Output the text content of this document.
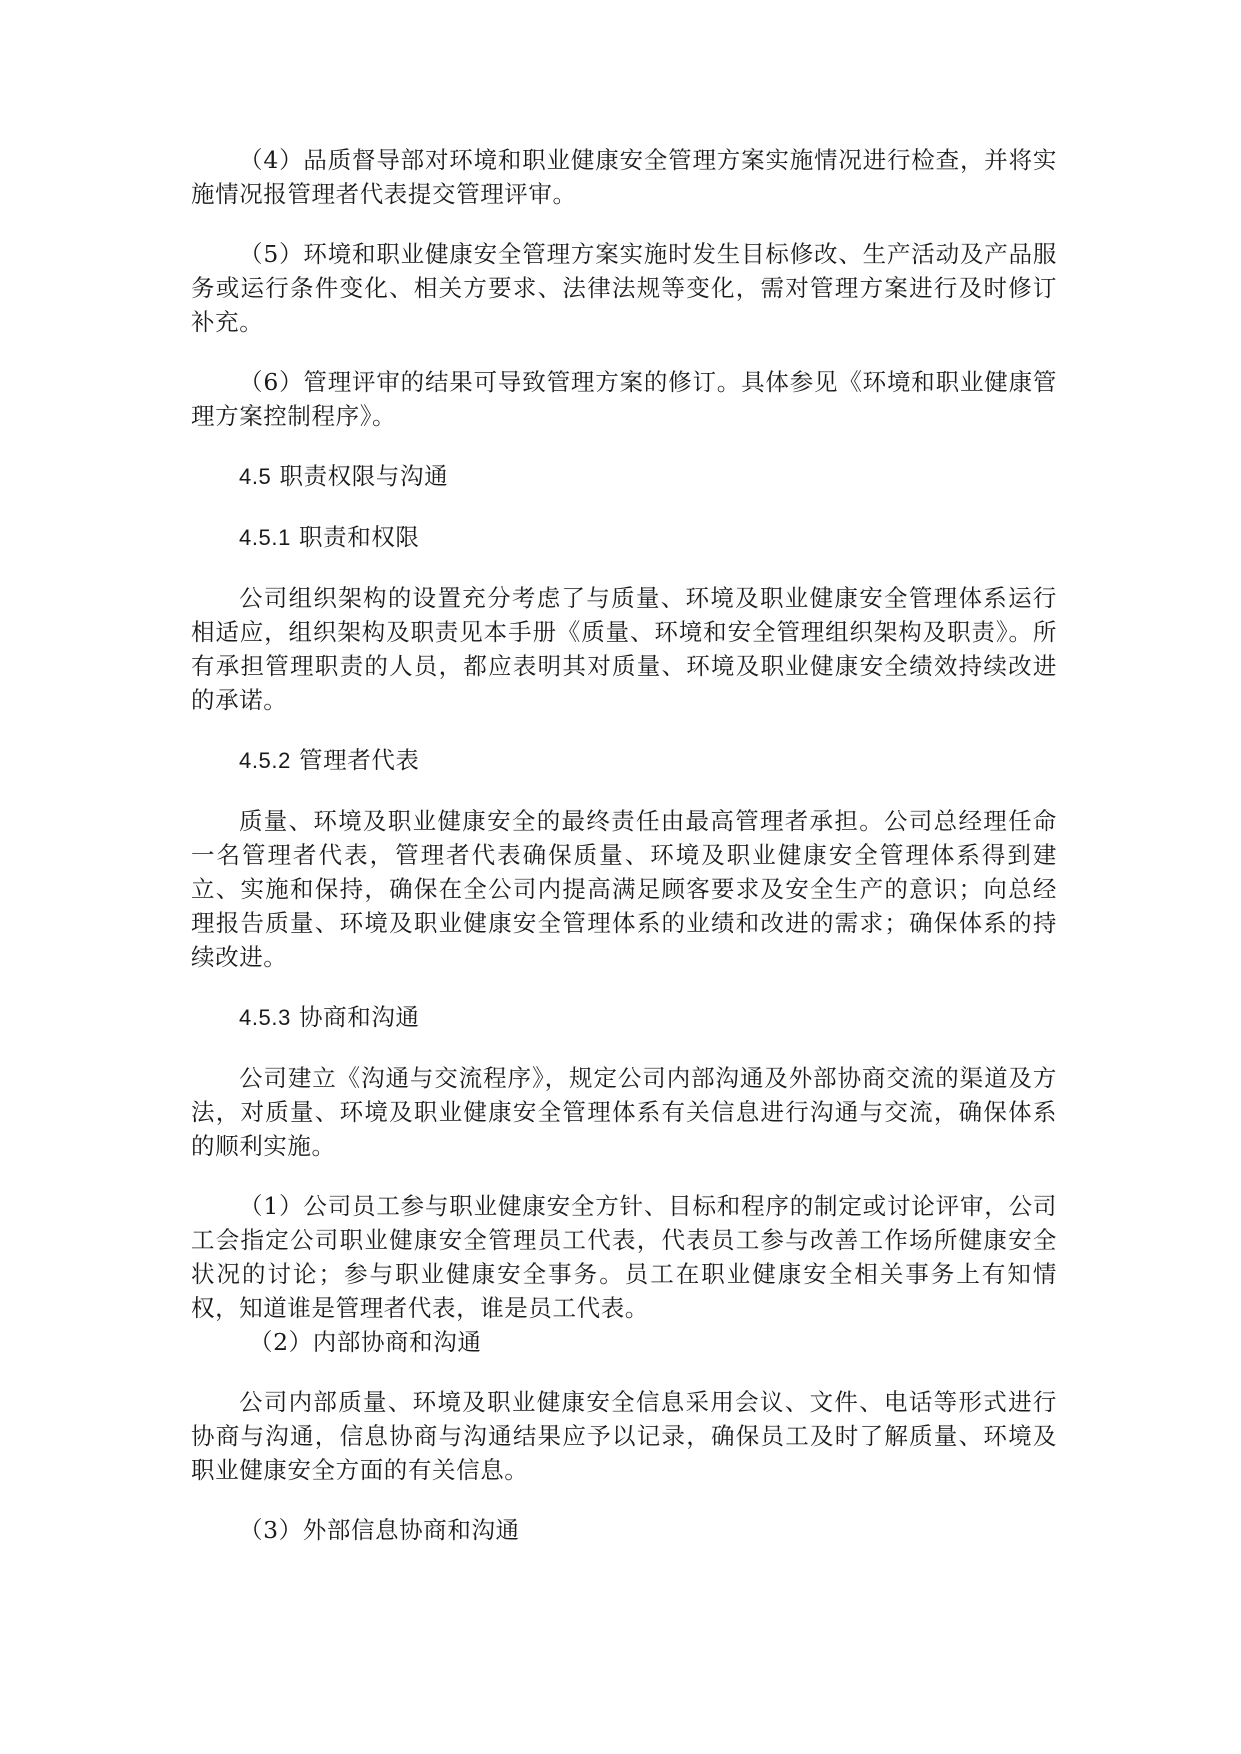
（4）品质督导部对环境和职业健康安全管理方案实施情况进行检查，并将实施情况报管理者代表提交管理评审。

（5）环境和职业健康安全管理方案实施时发生目标修改、生产活动及产品服务或运行条件变化、相关方要求、法律法规等变化，需对管理方案进行及时修订补充。

（6）管理评审的结果可导致管理方案的修订。具体参见《环境和职业健康管理方案控制程序》。

4.5 职责权限与沟通
4.5.1 职责和权限

公司组织架构的设置充分考虑了与质量、环境及职业健康安全管理体系运行相适应，组织架构及职责见本手册《质量、环境和安全管理组织架构及职责》。所有承担管理职责的人员，都应表明其对质量、环境及职业健康安全绩效持续改进的承诺。

4.5.2 管理者代表

质量、环境及职业健康安全的最终责任由最高管理者承担。公司总经理任命一名管理者代表，管理者代表确保质量、环境及职业健康安全管理体系得到建立、实施和保持，确保在全公司内提高满足顾客要求及安全生产的意识；向总经理报告质量、环境及职业健康安全管理体系的业绩和改进的需求；确保体系的持续改进。

4.5.3 协商和沟通

公司建立《沟通与交流程序》，规定公司内部沟通及外部协商交流的渠道及方法，对质量、环境及职业健康安全管理体系有关信息进行沟通与交流，确保体系的顺利实施。

（1）公司员工参与职业健康安全方针、目标和程序的制定或讨论评审，公司工会指定公司职业健康安全管理员工代表，代表员工参与改善工作场所健康安全状况的讨论；参与职业健康安全事务。员工在职业健康安全相关事务上有知情权，知道谁是管理者代表，谁是员工代表。

（2）内部协商和沟通

公司内部质量、环境及职业健康安全信息采用会议、文件、电话等形式进行协商与沟通，信息协商与沟通结果应予以记录，确保员工及时了解质量、环境及职业健康安全方面的有关信息。

（3）外部信息协商和沟通
